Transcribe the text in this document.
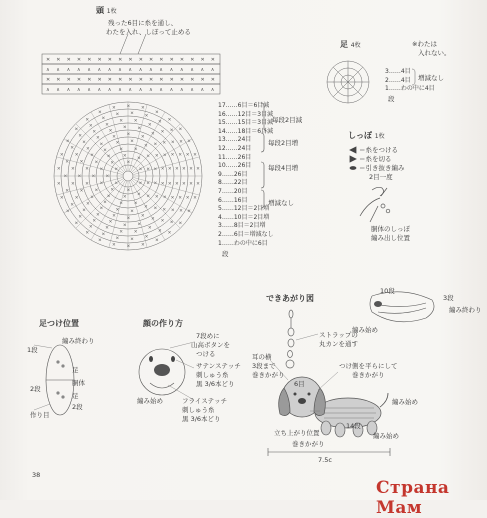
頭 1枚
残った6目に糸を通し、
わたを入れ、しぼって止める
✕ ✕ ✕ ✕ ✕ ✕ ✕ ✕ ✕ ✕ ✕ ✕ ✕ ✕ ✕ ✕ ✕
∧ ∧ ∧ ∧ ∧ ∧ ∧ ∧ ∧ ∧ ∧ ∧ ∧ ∧ ∧ ∧ ∧
✕ ✕ ✕ ✕ ✕ ✕ ✕ ✕ ✕ ✕ ✕ ✕ ✕ ✕ ✕ ✕ ✕
∧ ∧ ∧ ∧ ∧ ∧ ∧ ∧ ∧ ∧ ∧ ∧ ∧ ∧ ∧ ∧ ∧
✕
✕
✕
✕
✕
✕
✕
✕
✕
✕
✕
✕
✕ ✕
✕
✕
✕
✕
✕
✕
✕
✕
✕
✕ ✕
✕
✕
✕
✕
✕
✕
✕
✕
✕
✕
✕
✕
✕ ✕
✕
✕
✕
✕
✕
✕
✕
✕
✕
✕
✕
✕
✕
✕
✕
✕
✕
✕
✕
✕
✕
✕
✕
✕
✕
✕
✕
✕
✕
✕
✕
✕
✕
✕
✕
✕
✕ ✕
✕
✕
✕
✕
✕
✕
✕
✕
✕
✕
✕
✕
✕
✕
✕
✕
✕
✕
✕
✕
✕
✕ ✕
✕
✕
✕
✕
✕
✕
✕
✕
✕
✕
✕
✕
✕
✕
✕
✕
✕
✕
✕
✕
✕
✕
✕
✕
✕ ✕
✕
✕
✕
✕
✕
✕
✕
✕
✕
✕
✕
✕
✕
✕
✕
✕
✕
✕
✕
✕
✕
✕
✕
✕
✕
✕
✕
✕ ✕ ✕
✕
✕
✕
✕
✕
✕
17……6目＝6目減
16……12目＝3目減
15……15目＝3目減
14……18目＝6目減
13……24目
12……24目
11……26目
10……26目
9……26目
8……22目
7……20目
6……16目
5……12目＝2目増
4……10目＝2目増
3……8目＝2目増
2……6目＝増減なし
1……わの中に6目
毎段2目減
毎段2目増
毎段4目増
増減なし
段
足 4枚	※わたは
入れない。
3……4目
2……4目
1……わの中に4目
増減なし
段
しっぽ 1枚
＝糸をつける
＝糸を切る
＝引き抜き編み
2目一度
胴体のしっぽ
編み出し位置
足つけ位置
1段
編み終わり
足
胴体
2段
足
2段
作り目
顔の作り方
7段めに
山高ボタンを
つける
サテンステッチ
刺しゅう糸
黒 3/6本どり
編み始め	フライステッチ
刺しゅう糸
黒 3/6本どり
できあがり図
10段
3段
編み終わり
編み始め
ストラップの
丸カンを通す
耳の横
3段まで
巻きかがり
つけ側を平らにして
巻きかがり
6目
編み始め
14段
編み始め
立ち上がり位置
巻きかがり
7.5c
38
Страна Мам
